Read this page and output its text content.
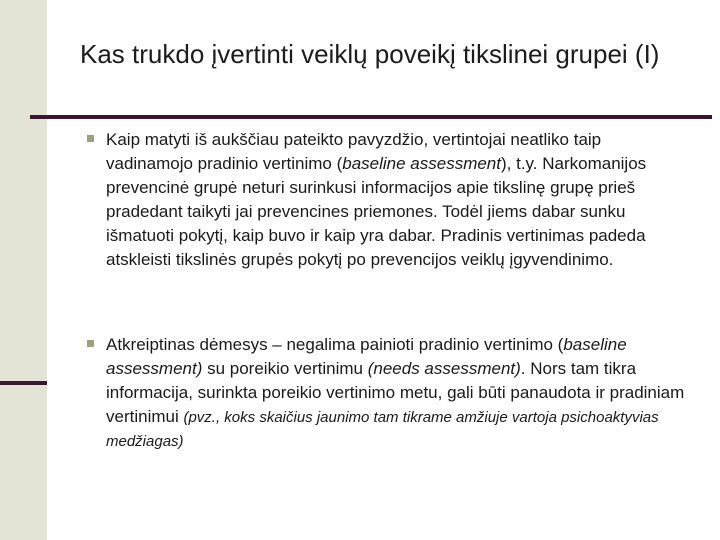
Kas trukdo įvertinti veiklų poveikį tikslinei grupei (I)

Kaip matyti iš aukščiau pateikto pavyzdžio, vertintojai neatliko taip vadinamojo pradinio vertinimo (baseline assessment), t.y. Narkomanijos prevencinė grupė neturi surinkusi informacijos apie tikslinę grupę prieš pradedant taikyti jai prevencines priemones. Todėl jiems dabar sunku išmatuoti pokytį, kaip buvo ir kaip yra dabar. Pradinis vertinimas padeda atskleisti tikslinės grupės pokytį po prevencijos veiklų įgyvendinimo.

Atkreiptinas dėmesys – negalima painioti pradinio vertinimo (baseline assessment) su poreikio vertinimu (needs assessment). Nors tam tikra informacija, surinkta poreikio vertinimo metu, gali būti panaudota ir pradiniam vertinimui (pvz., koks skaičius jaunimo tam tikrame amžiuje vartoja psichoaktyvias medžiagas)
